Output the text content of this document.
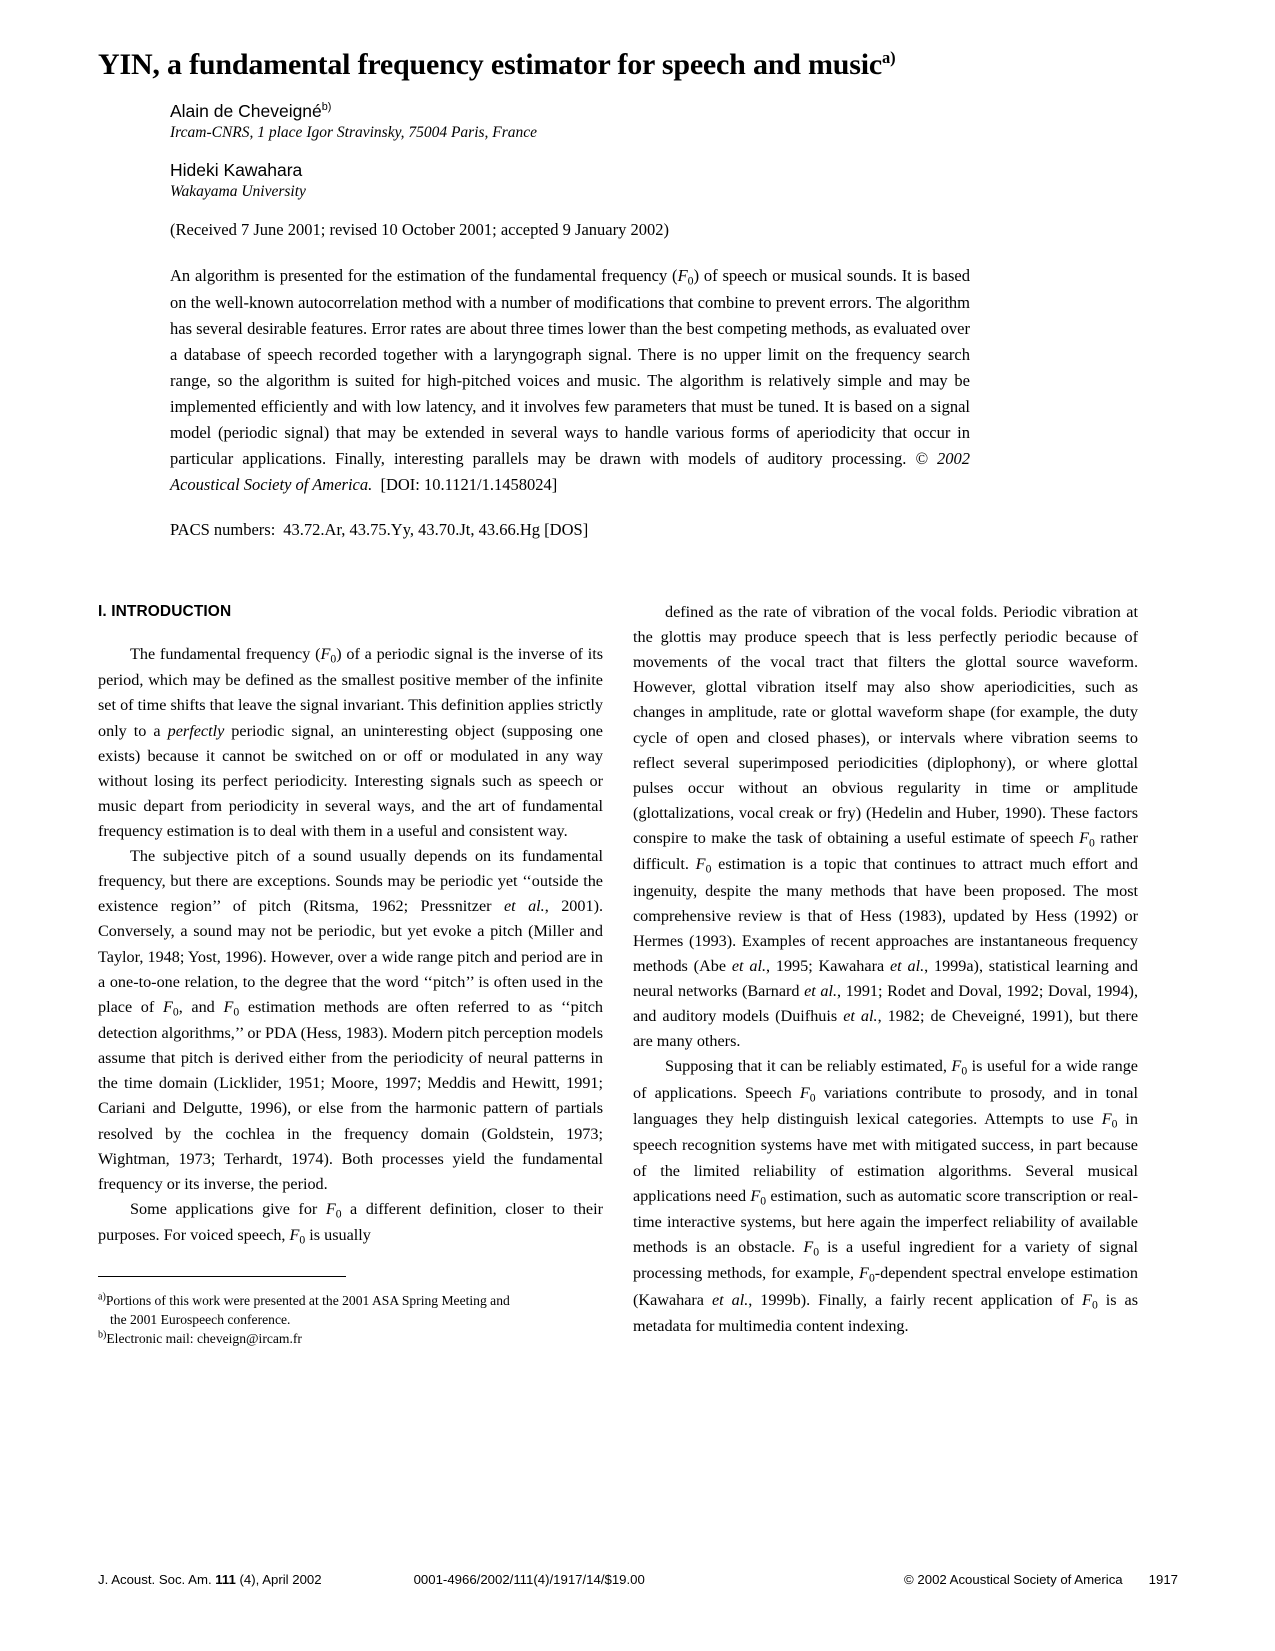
YIN, a fundamental frequency estimator for speech and music$^{a)}$

Alain de Cheveigné$^{b)}$

Ircam-CNRS, 1 place Igor Stravinsky, 75004 Paris, France

Hideki Kawahara

Wakayama University

(Received 7 June 2001; revised 10 October 2001; accepted 9 January 2002)

An algorithm is presented for the estimation of the fundamental frequency $(F_0)$ of speech or musical sounds. It is based on the well-known autocorrelation method with a number of modifications that combine to prevent errors. The algorithm has several desirable features. Error rates are about three times lower than the best competing methods, as evaluated over a database of speech recorded together with a laryngograph signal. There is no upper limit on the frequency search range, so the algorithm is suited for high-pitched voices and music. The algorithm is relatively simple and may be implemented efficiently and with low latency, and it involves few parameters that must be tuned. It is based on a signal model (periodic signal) that may be extended in several ways to handle various forms of aperiodicity that occur in particular applications. Finally, interesting parallels may be drawn with models of auditory processing. © 2002 Acoustical Society of America. [DOI: 10.1121/1.1458024]

PACS numbers: 43.72.Ar, 43.75.Yy, 43.70.Jt, 43.66.Hg [DOS]

I. INTRODUCTION

The fundamental frequency $(F_0)$ of a periodic signal is the inverse of its period, which may be defined as the smallest positive member of the infinite set of time shifts that leave the signal invariant. This definition applies strictly only to a perfectly periodic signal, an uninteresting object (supposing one exists) because it cannot be switched on or off or modulated in any way without losing its perfect periodicity. Interesting signals such as speech or music depart from periodicity in several ways, and the art of fundamental frequency estimation is to deal with them in a useful and consistent way.

The subjective pitch of a sound usually depends on its fundamental frequency, but there are exceptions. Sounds may be periodic yet ‘‘outside the existence region’’ of pitch (Ritsma, 1962; Pressnitzer et al., 2001). Conversely, a sound may not be periodic, but yet evoke a pitch (Miller and Taylor, 1948; Yost, 1996). However, over a wide range pitch and period are in a one-to-one relation, to the degree that the word ‘‘pitch’’ is often used in the place of $F_0$, and $F_0$ estimation methods are often referred to as ‘‘pitch detection algorithms,’’ or PDA (Hess, 1983). Modern pitch perception models assume that pitch is derived either from the periodicity of neural patterns in the time domain (Licklider, 1951; Moore, 1997; Meddis and Hewitt, 1991; Cariani and Delgutte, 1996), or else from the harmonic pattern of partials resolved by the cochlea in the frequency domain (Goldstein, 1973; Wightman, 1973; Terhardt, 1974). Both processes yield the fundamental frequency or its inverse, the period.

Some applications give for $F_0$ a different definition, closer to their purposes. For voiced speech, $F_0$ is usually

$^{a)}$Portions of this work were presented at the 2001 ASA Spring Meeting and
the 2001 Eurospeech conference.

$^{b)}$Electronic mail: cheveign@ircam.fr

defined as the rate of vibration of the vocal folds. Periodic vibration at the glottis may produce speech that is less perfectly periodic because of movements of the vocal tract that filters the glottal source waveform. However, glottal vibration itself may also show aperiodicities, such as changes in amplitude, rate or glottal waveform shape (for example, the duty cycle of open and closed phases), or intervals where vibration seems to reflect several superimposed periodicities (diplophony), or where glottal pulses occur without an obvious regularity in time or amplitude (glottalizations, vocal creak or fry) (Hedelin and Huber, 1990). These factors conspire to make the task of obtaining a useful estimate of speech $F_0$ rather difficult. $F_0$ estimation is a topic that continues to attract much effort and ingenuity, despite the many methods that have been proposed. The most comprehensive review is that of Hess (1983), updated by Hess (1992) or Hermes (1993). Examples of recent approaches are instantaneous frequency methods (Abe et al., 1995; Kawahara et al., 1999a), statistical learning and neural networks (Barnard et al., 1991; Rodet and Doval, 1992; Doval, 1994), and auditory models (Duifhuis et al., 1982; de Cheveigné, 1991), but there are many others.

Supposing that it can be reliably estimated, $F_0$ is useful for a wide range of applications. Speech $F_0$ variations contribute to prosody, and in tonal languages they help distinguish lexical categories. Attempts to use $F_0$ in speech recognition systems have met with mitigated success, in part because of the limited reliability of estimation algorithms. Several musical applications need $F_0$ estimation, such as automatic score transcription or real-time interactive systems, but here again the imperfect reliability of available methods is an obstacle. $F_0$ is a useful ingredient for a variety of signal processing methods, for example, $F_0$-dependent spectral envelope estimation (Kawahara et al., 1999b). Finally, a fairly recent application of $F_0$ is as metadata for multimedia content indexing.

J. Acoust. Soc. Am. 111 (4), April 2002	0001-4966/2002/111(4)/1917/14/$19.00	© 2002 Acoustical Society of America 1917
